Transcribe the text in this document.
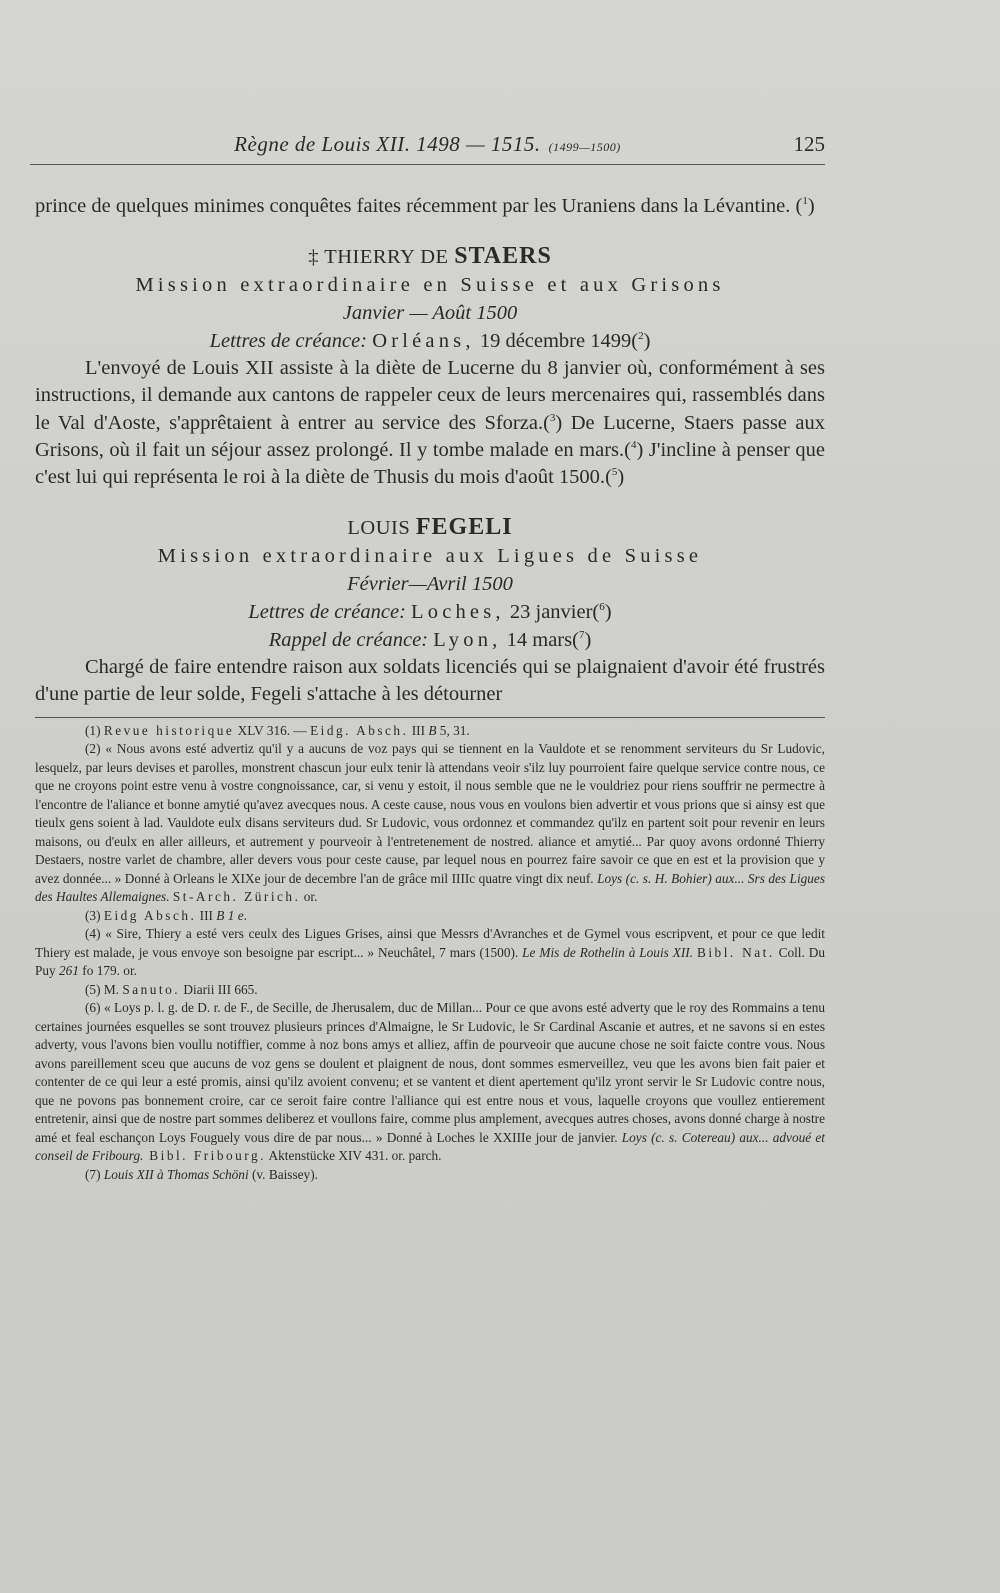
Règne de Louis XII. 1498 — 1515. (1499—1500)	125

prince de quelques minimes conquêtes faites récemment par les Uraniens dans la Lévantine. ($^1$)

‡ THIERRY DE STAERS
Mission extraordinaire en Suisse et aux Grisons
Janvier — Août 1500
Lettres de créance: Orléans, 19 décembre 1499($^2$)

L'envoyé de Louis XII assiste à la diète de Lucerne du 8 janvier où, conformément à ses instructions, il demande aux cantons de rappeler ceux de leurs mercenaires qui, rassemblés dans le Val d'Aoste, s'apprêtaient à entrer au service des Sforza.($^3$) De Lucerne, Staers passe aux Grisons, où il fait un séjour assez prolongé. Il y tombe malade en mars.($^4$) J'incline à penser que c'est lui qui représenta le roi à la diète de Thusis du mois d'août 1500.($^5$)

LOUIS FEGELI
Mission extraordinaire aux Ligues de Suisse
Février—Avril 1500
Lettres de créance: Loches, 23 janvier($^6$)
Rappel de créance: Lyon, 14 mars($^7$)

Chargé de faire entendre raison aux soldats licenciés qui se plaignaient d'avoir été frustrés d'une partie de leur solde, Fegeli s'attache à les détourner

(1) Revue historique XLV 316. — Eidg. Absch. III B 5, 31.

(2) « Nous avons esté advertiz qu'il y a aucuns de voz pays qui se tiennent en la Vauldote et se renomment serviteurs du Sr Ludovic, lesquelz, par leurs devises et parolles, monstrent chascun jour eulx tenir là attendans veoir s'ilz luy pourroient faire quelque service contre nous, ce que ne croyons point estre venu à vostre congnoissance, car, si venu y estoit, il nous semble que ne le vouldriez pour riens souffrir ne permectre à l'encontre de l'aliance et bonne amytié qu'avez avecques nous. A ceste cause, nous vous en voulons bien advertir et vous prions que si ainsy est que tieulx gens soient à lad. Vauldote eulx disans serviteurs dud. Sr Ludovic, vous ordonnez et commandez qu'ilz en partent soit pour revenir en leurs maisons, ou d'eulx en aller ailleurs, et autrement y pourveoir à l'entretenement de nostred. aliance et amytié... Par quoy avons ordonné Thierry Destaers, nostre varlet de chambre, aller devers vous pour ceste cause, par lequel nous en pourrez faire savoir ce que en est et la provision que y avez donnée... » Donné à Orleans le XIXe jour de decembre l'an de grâce mil IIIIc quatre vingt dix neuf. Loys (c. s. H. Bohier) aux... Srs des Ligues des Haultes Allemaignes. St-Arch. Zürich. or.

(3) Eidg Absch. III B 1 e.

(4) « Sire, Thiery a esté vers ceulx des Ligues Grises, ainsi que Messrs d'Avranches et de Gymel vous escripvent, et pour ce que ledit Thiery est malade, je vous envoye son besoigne par escript... » Neuchâtel, 7 mars (1500). Le Mis de Rothelin à Louis XII. Bibl. Nat. Coll. Du Puy 261 fo 179. or.

(5) M. Sanuto. Diarii III 665.

(6) « Loys p. l. g. de D. r. de F., de Secille, de Jherusalem, duc de Millan... Pour ce que avons esté adverty que le roy des Rommains a tenu certaines journées esquelles se sont trouvez plusieurs princes d'Almaigne, le Sr Ludovic, le Sr Cardinal Ascanie et autres, et ne savons si en estes adverty, vous l'avons bien voullu notiffier, comme à noz bons amys et alliez, affin de pourveoir que aucune chose ne soit faicte contre vous. Nous avons pareillement sceu que aucuns de voz gens se doulent et plaignent de nous, dont sommes esmerveillez, veu que les avons bien fait paier et contenter de ce qui leur a esté promis, ainsi qu'ilz avoient convenu; et se vantent et dient apertement qu'ilz yront servir le Sr Ludovic contre nous, que ne povons pas bonnement croire, car ce seroit faire contre l'alliance qui est entre nous et vous, laquelle croyons que voullez entierement entretenir, ainsi que de nostre part sommes deliberez et voullons faire, comme plus amplement, avecques autres choses, avons donné charge à nostre amé et feal eschançon Loys Fouguely vous dire de par nous... » Donné à Loches le XXIIIe jour de janvier. Loys (c. s. Cotereau) aux... advoué et conseil de Fribourg. Bibl. Fribourg. Aktenstücke XIV 431. or. parch.

(7) Louis XII à Thomas Schöni (v. Baissey).
